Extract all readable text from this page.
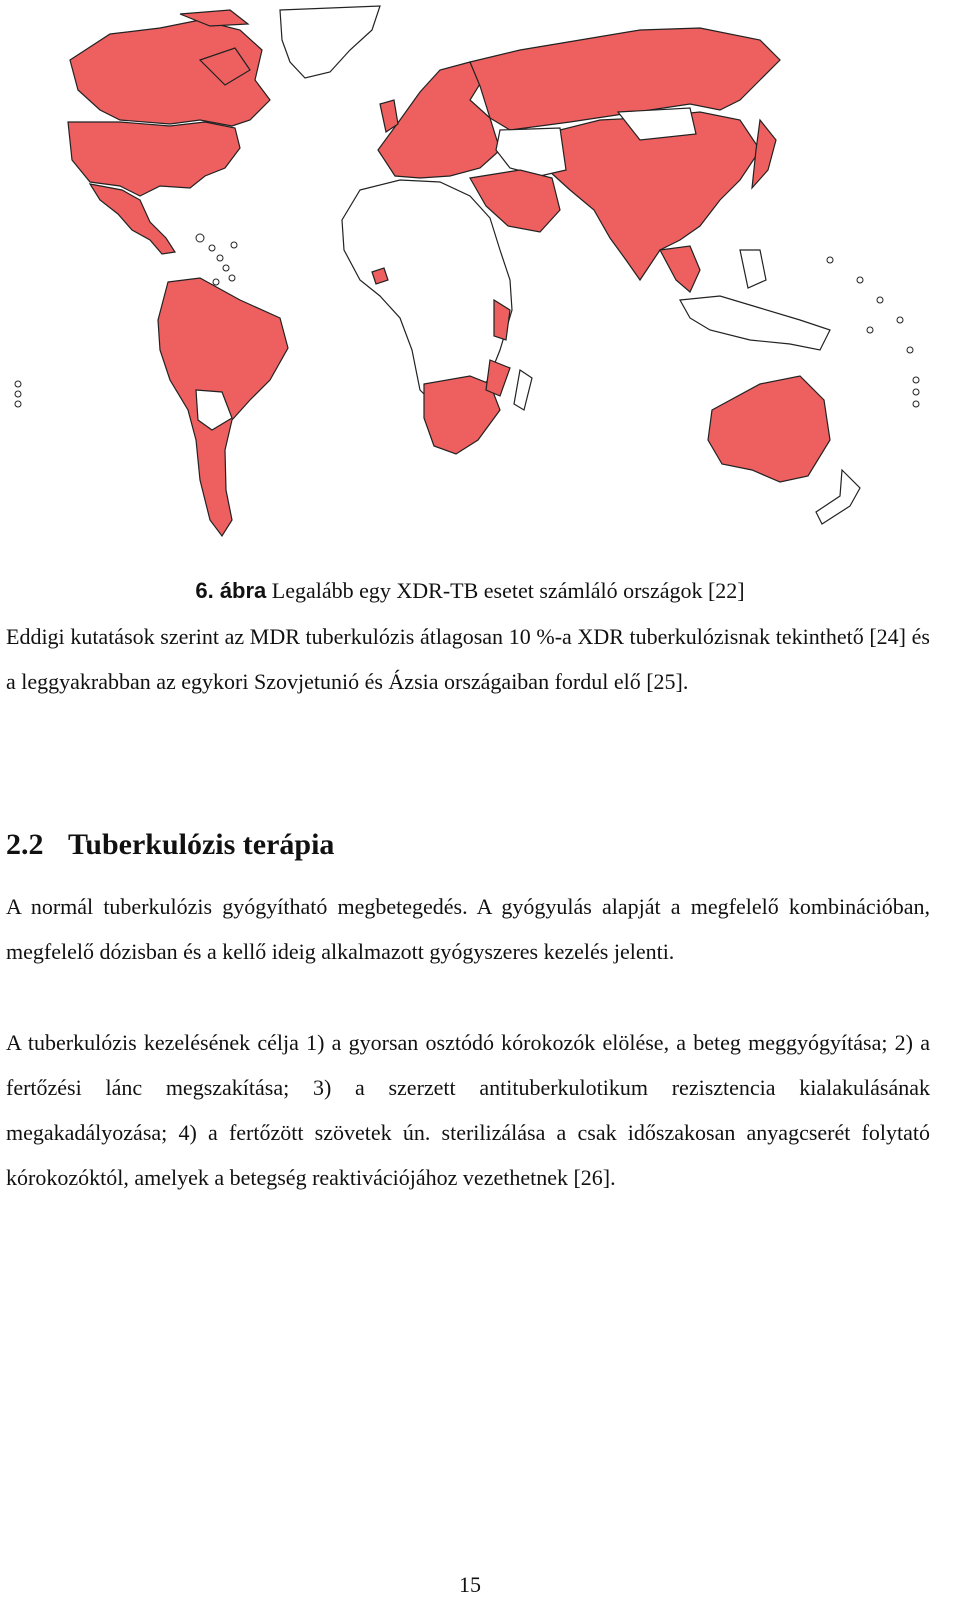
6. ábra Legalább egy XDR-TB esetet számláló országok [22]

Eddigi kutatások szerint az MDR tuberkulózis átlagosan 10 %-a XDR tuberkulózisnak tekinthető [24] és a leggyakrabban az egykori Szovjetunió és Ázsia országaiban fordul elő [25].

2.2 Tuberkulózis terápia

A normál tuberkulózis gyógyítható megbetegedés. A gyógyulás alapját a megfelelő kombinációban, megfelelő dózisban és a kellő ideig alkalmazott gyógyszeres kezelés jelenti.

A tuberkulózis kezelésének célja 1) a gyorsan osztódó kórokozók elölése, a beteg meggyógyítása; 2) a fertőzési lánc megszakítása; 3) a szerzett antituberkulotikum rezisztencia kialakulásának megakadályozása; 4) a fertőzött szövetek ún. sterilizálása a csak időszakosan anyagcserét folytató kórokozóktól, amelyek a betegség reaktivációjához vezethetnek [26].

15
